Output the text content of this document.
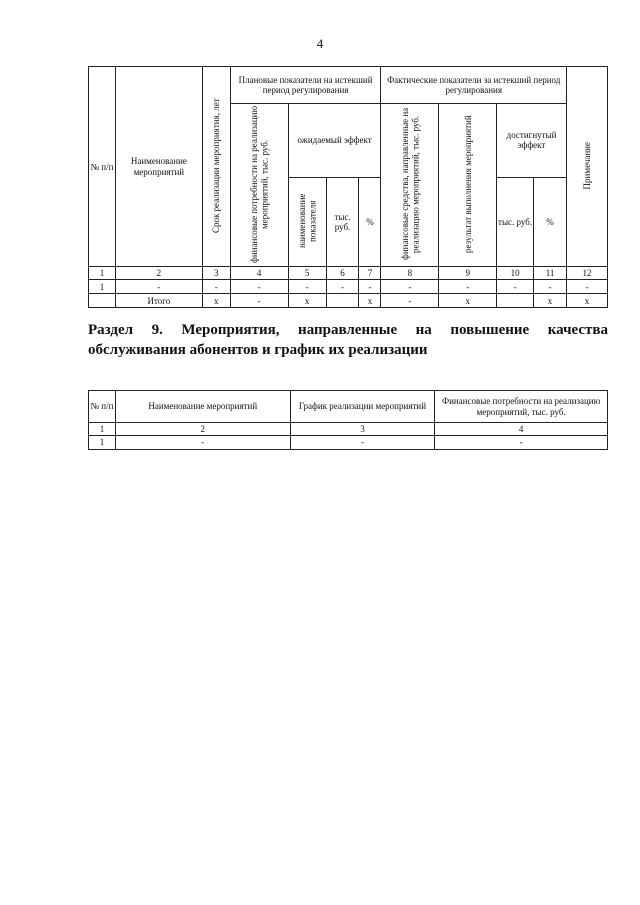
4
№ п/п	Наименование мероприятий	Срок реализации мероприятия, лет	Плановые показатели на истекший период регулирования				Фактические показатели за истекший период регулирования				Примечание
			финансовые потребности на реализацию мероприятий, тыс. руб.	ожидаемый эффект			финансовые средства, направленные на реализацию мероприятий, тыс. руб.	результат выполнения мероприятий	достигнутый эффект		
				наименование показателя	тыс. руб.	%			тыс. руб.	%	
1	2	3	4	5	6	7	8	9	10	11	12
1	-	-	-	-	-	-	-	-	-	-	-
	Итого	x	-	x		x	-	x		x	x
Раздел 9. Мероприятия, направленные на повышение качества обслуживания абонентов и график их реализации
№ п/п	Наименование мероприятий	График реализации мероприятий	Финансовые потребности на реализацию мероприятий, тыс. руб.
1	2	3	4
1	-	-	-
